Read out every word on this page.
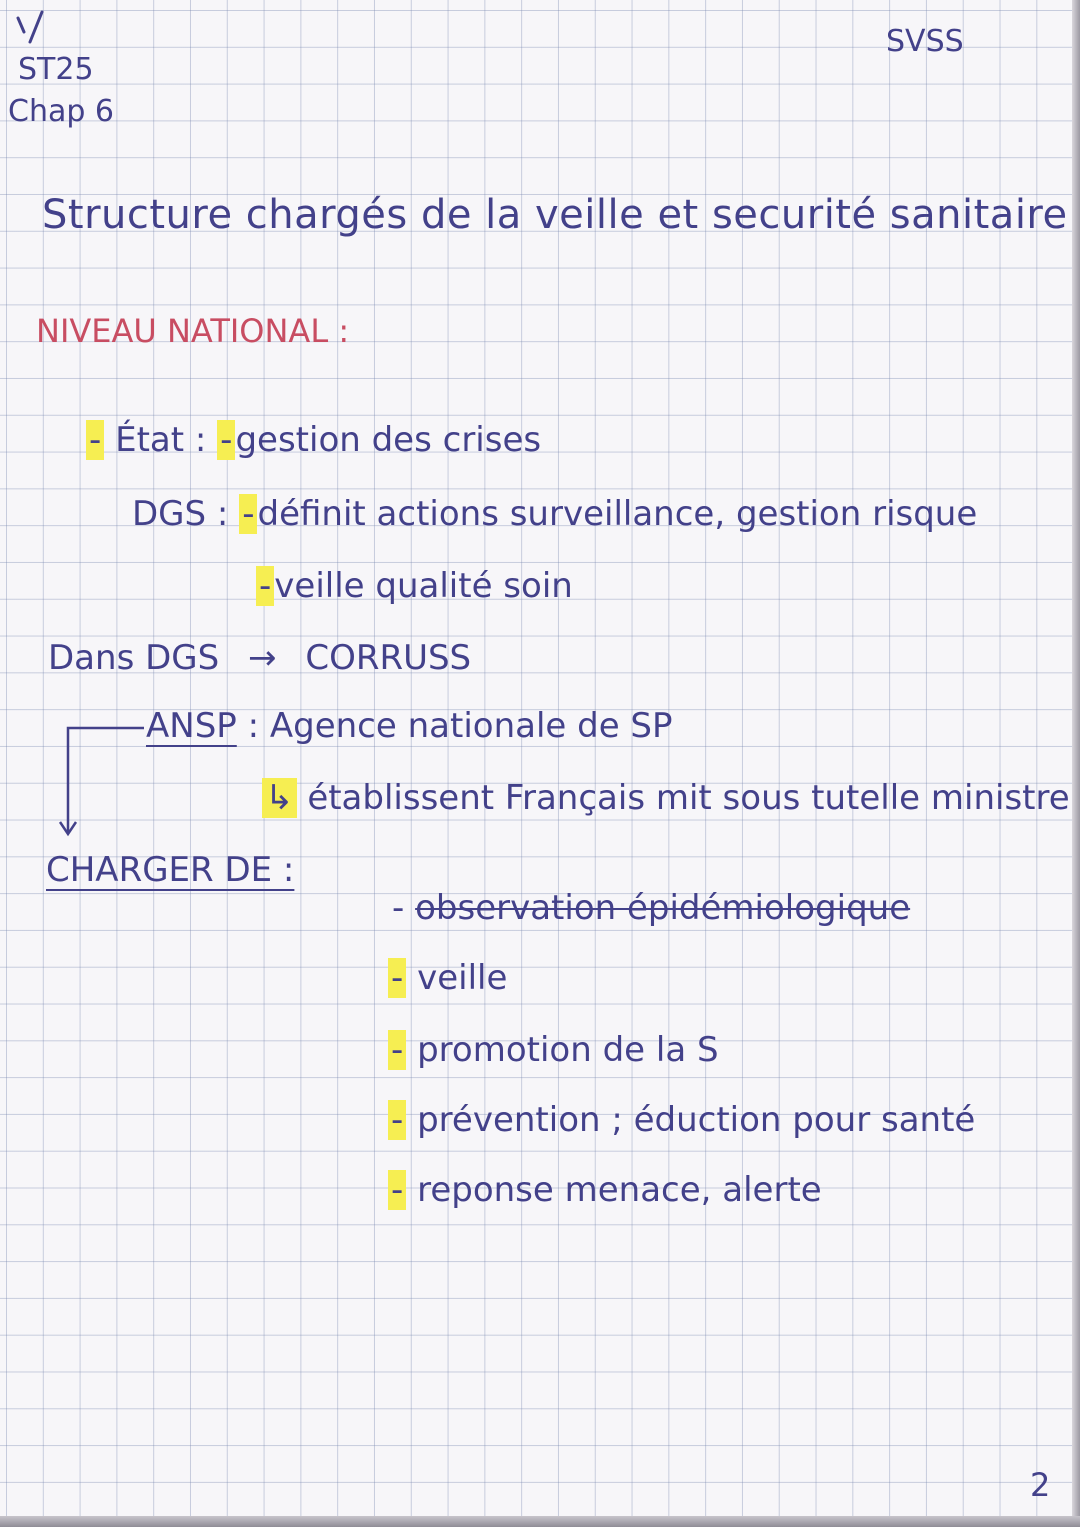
ST25
Chap 6
SVSS
Structure chargés de la veille et securité sanitaire
NIVEAU NATIONAL :
- État : -gestion des crises
DGS : -définit actions surveillance, gestion risque
-veille qualité soin
Dans DGS → CORRUSS
ANSP : Agence nationale de SP
↳ établissent Français mit sous tutelle ministre
CHARGER DE :
- observation épidémiologique
- veille
- promotion de la S
- prévention ; éduction pour santé
- reponse menace, alerte
2
